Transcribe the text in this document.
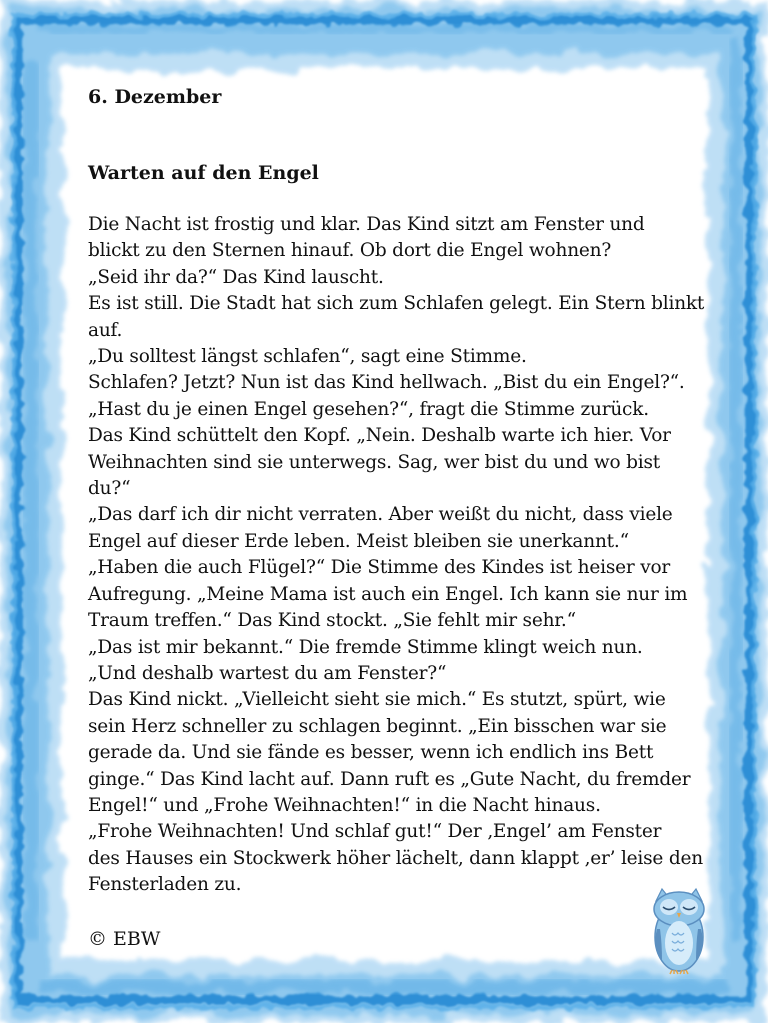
6. Dezember

Warten auf den Engel

Die Nacht ist frostig und klar. Das Kind sitzt am Fenster und

blickt zu den Sternen hinauf. Ob dort die Engel wohnen?

„Seid ihr da?“ Das Kind lauscht.

Es ist still. Die Stadt hat sich zum Schlafen gelegt. Ein Stern blinkt

auf.

„Du solltest längst schlafen“, sagt eine Stimme.

Schlafen? Jetzt? Nun ist das Kind hellwach. „Bist du ein Engel?“.

„Hast du je einen Engel gesehen?“, fragt die Stimme zurück.

Das Kind schüttelt den Kopf. „Nein. Deshalb warte ich hier. Vor

Weihnachten sind sie unterwegs. Sag, wer bist du und wo bist

du?“

„Das darf ich dir nicht verraten. Aber weißt du nicht, dass viele

Engel auf dieser Erde leben. Meist bleiben sie unerkannt.“

„Haben die auch Flügel?“ Die Stimme des Kindes ist heiser vor

Aufregung. „Meine Mama ist auch ein Engel. Ich kann sie nur im

Traum treffen.“ Das Kind stockt. „Sie fehlt mir sehr.“

„Das ist mir bekannt.“ Die fremde Stimme klingt weich nun.

„Und deshalb wartest du am Fenster?“

Das Kind nickt. „Vielleicht sieht sie mich.“ Es stutzt, spürt, wie

sein Herz schneller zu schlagen beginnt. „Ein bisschen war sie

gerade da. Und sie fände es besser, wenn ich endlich ins Bett

ginge.“ Das Kind lacht auf. Dann ruft es „Gute Nacht, du fremder

Engel!“ und „Frohe Weihnachten!“ in die Nacht hinaus.

„Frohe Weihnachten! Und schlaf gut!“ Der ‚Engel’ am Fenster

des Hauses ein Stockwerk höher lächelt, dann klappt ‚er’ leise den

Fensterladen zu.

© EBW
